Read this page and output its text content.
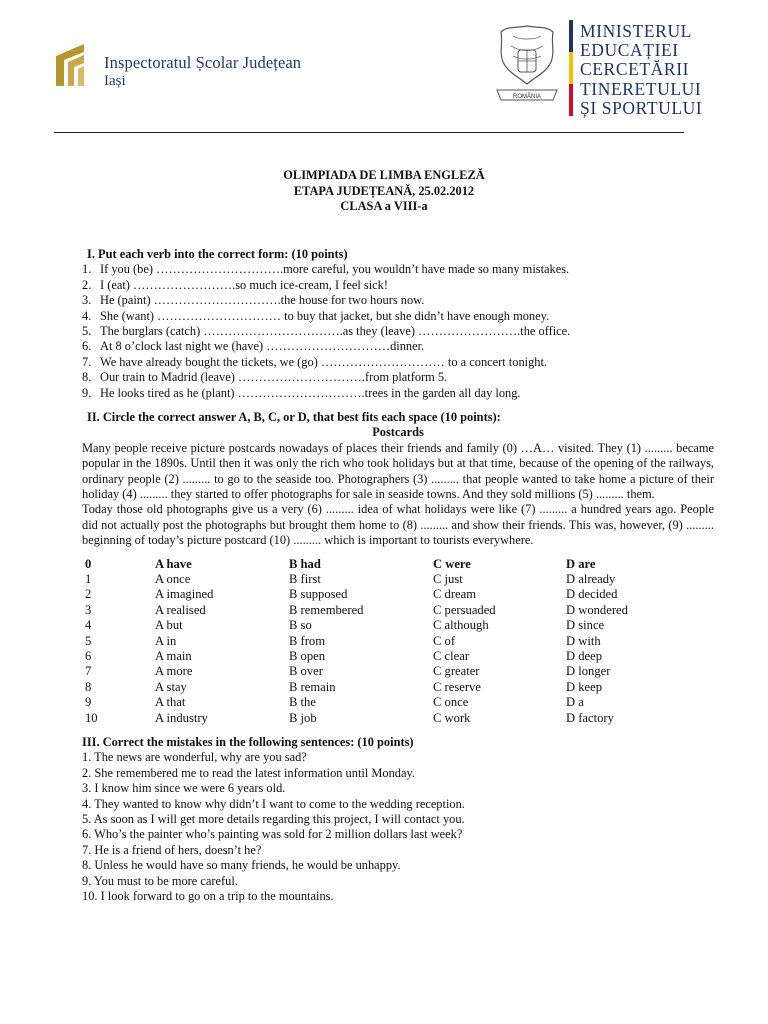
Inspectoratul Școlar Județean
Iași
ROMÂNIA
MINISTERUL
EDUCAȚIEI
CERCETĂRII
TINERETULUI
ȘI SPORTULUI
OLIMPIADA DE LIMBA ENGLEZĂ
ETAPA JUDEȚEANĂ, 25.02.2012
CLASA a VIII-a
I. Put each verb into the correct form: (10 points)
1. If you (be) ………………………….more careful, you wouldn’t have made so many mistakes.
2. I (eat) …………………….so much ice-cream, I feel sick!
3. He (paint) ………………………….the house for two hours now.
4. She (want) ………………………… to buy that jacket, but she didn’t have enough money.
5. The burglars (catch) …………………………….as they (leave) …………………….the office.
6. At 8 o’clock last night we (have) …………………………dinner.
7. We have already bought the tickets, we (go) ………………………… to a concert tonight.
8. Our train to Madrid (leave) ………………………….from platform 5.
9. He looks tired as he (plant) ………………………….trees in the garden all day long.
II. Circle the correct answer A, B, C, or D, that best fits each space (10 points):
Postcards
Many people receive picture postcards nowadays of places their friends and family (0) …A… visited. They (1) ......... became popular in the 1890s. Until then it was only the rich who took holidays but at that time, because of the opening of the railways, ordinary people (2) ......... to go to the seaside too. Photographers (3) ......... that people wanted to take home a picture of their holiday (4) ......... they started to offer photographs for sale in seaside towns. And they sold millions (5) ......... them.
Today those old photographs give us a very (6) ......... idea of what holidays were like (7) ......... a hundred years ago. People did not actually post the photographs but brought them home to (8) ......... and show their friends. This was, however, (9) ......... beginning of today’s picture postcard (10) ......... which is important to tourists everywhere.
0	A have	B had	C were	D are
1	A once	B first	C just	D already
2	A imagined	B supposed	C dream	D decided
3	A realised	B remembered	C persuaded	D wondered
4	A but	B so	C although	D since
5	A in	B from	C of	D with
6	A main	B open	C clear	D deep
7	A more	B over	C greater	D longer
8	A stay	B remain	C reserve	D keep
9	A that	B the	C once	D a
10	A industry	B job	C work	D factory
III. Correct the mistakes in the following sentences: (10 points)
1. The news are wonderful, why are you sad?
2. She remembered me to read the latest information until Monday.
3. I know him since we were 6 years old.
4. They wanted to know why didn’t I want to come to the wedding reception.
5. As soon as I will get more details regarding this project, I will contact you.
6. Who’s the painter who’s painting was sold for 2 million dollars last week?
7. He is a friend of hers, doesn’t he?
8. Unless he would have so many friends, he would be unhappy.
9. You must to be more careful.
10. I look forward to go on a trip to the mountains.
